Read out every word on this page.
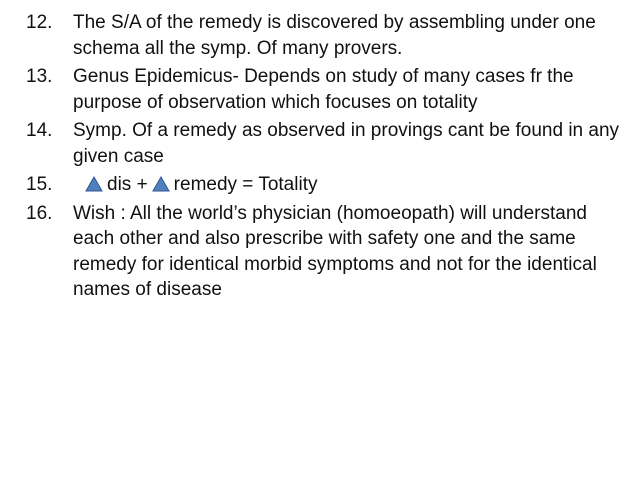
12.	The S/A of the remedy is discovered by assembling under one schema all the symp. Of many provers.
13.	Genus Epidemicus- Depends on study of many cases fr the purpose of observation which focuses on totality
14.	Symp. Of a remedy as observed in provings cant be found in any given case
15.	dis + remedy = Totality
16.	Wish : All the world’s physician (homoeopath) will understand each other and also prescribe with safety one and the same remedy for identical morbid symptoms and not for the identical names of disease
